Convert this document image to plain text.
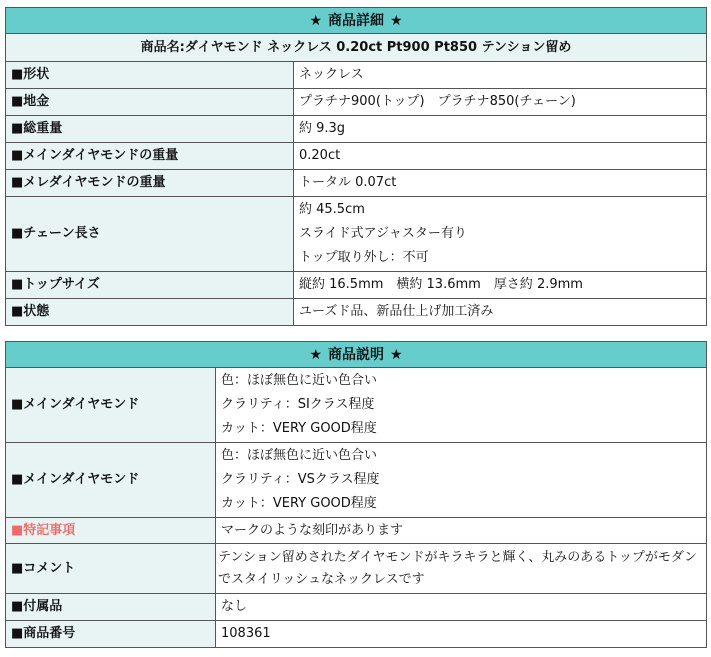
★ 商品詳細 ★	
商品名:ダイヤモンド ネックレス 0.20ct Pt900 Pt850 テンション留め	
■形状	ネックレス
■地金	プラチナ900(トップ)　プラチナ850(チェーン)
■総重量	約 9.3g
■メインダイヤモンドの重量	0.20ct
■メレダイヤモンドの重量	トータル 0.07ct
■チェーン長さ	約 45.5cm
スライド式アジャスター有り
トップ取り外し：不可

■トップサイズ	縦約 16.5mm　横約 13.6mm　厚さ約 2.9mm
■状態	ユーズド品、新品仕上げ加工済み
★ 商品説明 ★	
■メインダイヤモンド	色：ほぼ無色に近い色合い
クラリティ：SIクラス程度
カット：VERY GOOD程度

■メインダイヤモンド	色：ほぼ無色に近い色合い
クラリティ：VSクラス程度
カット：VERY GOOD程度

■特記事項	マークのような刻印があります
■コメント	テンション留めされたダイヤモンドがキラキラと輝く、丸みのあるトップがモダンでスタイリッシュなネックレスです
■付属品	なし
■商品番号	108361
